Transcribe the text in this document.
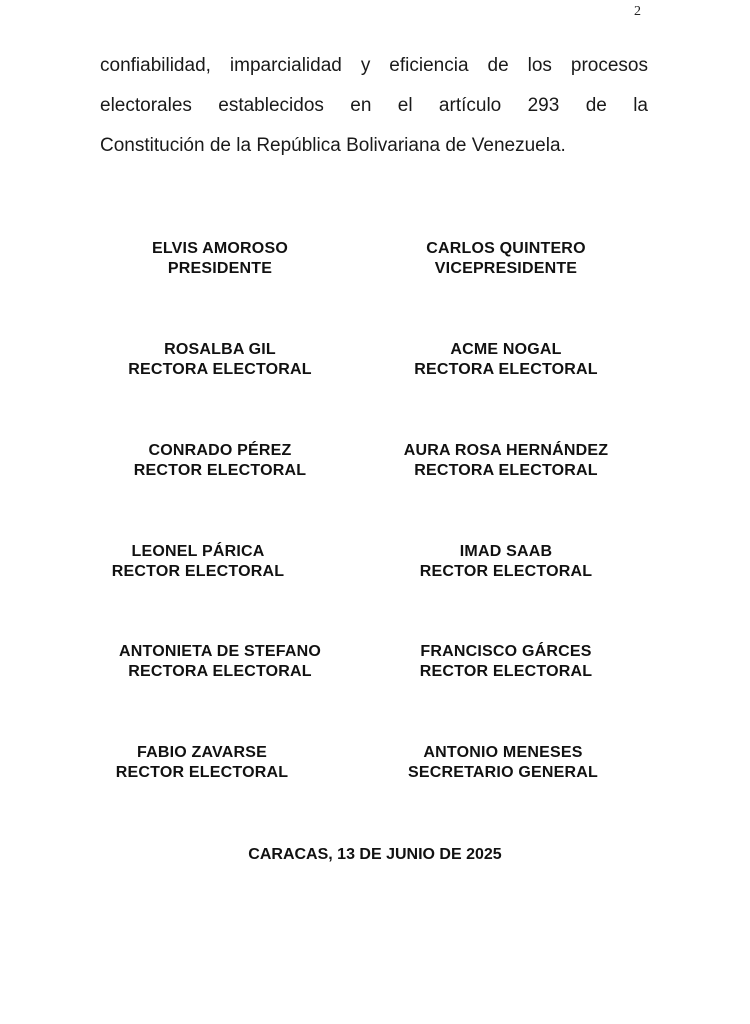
2
confiabilidad, imparcialidad y eficiencia de los procesos
electorales establecidos en el artículo 293 de la
Constitución de la República Bolivariana de Venezuela.
ELVIS AMOROSO
PRESIDENTE
CARLOS QUINTERO
VICEPRESIDENTE
ROSALBA GIL
RECTORA ELECTORAL
ACME NOGAL
RECTORA ELECTORAL
CONRADO PÉREZ
RECTOR ELECTORAL
AURA ROSA HERNÁNDEZ
RECTORA ELECTORAL
LEONEL PÁRICA
RECTOR ELECTORAL
IMAD SAAB
RECTOR ELECTORAL
ANTONIETA DE STEFANO
RECTORA ELECTORAL
FRANCISCO GÁRCES
RECTOR ELECTORAL
FABIO ZAVARSE
RECTOR ELECTORAL
ANTONIO MENESES
SECRETARIO GENERAL
CARACAS, 13 DE JUNIO DE 2025
